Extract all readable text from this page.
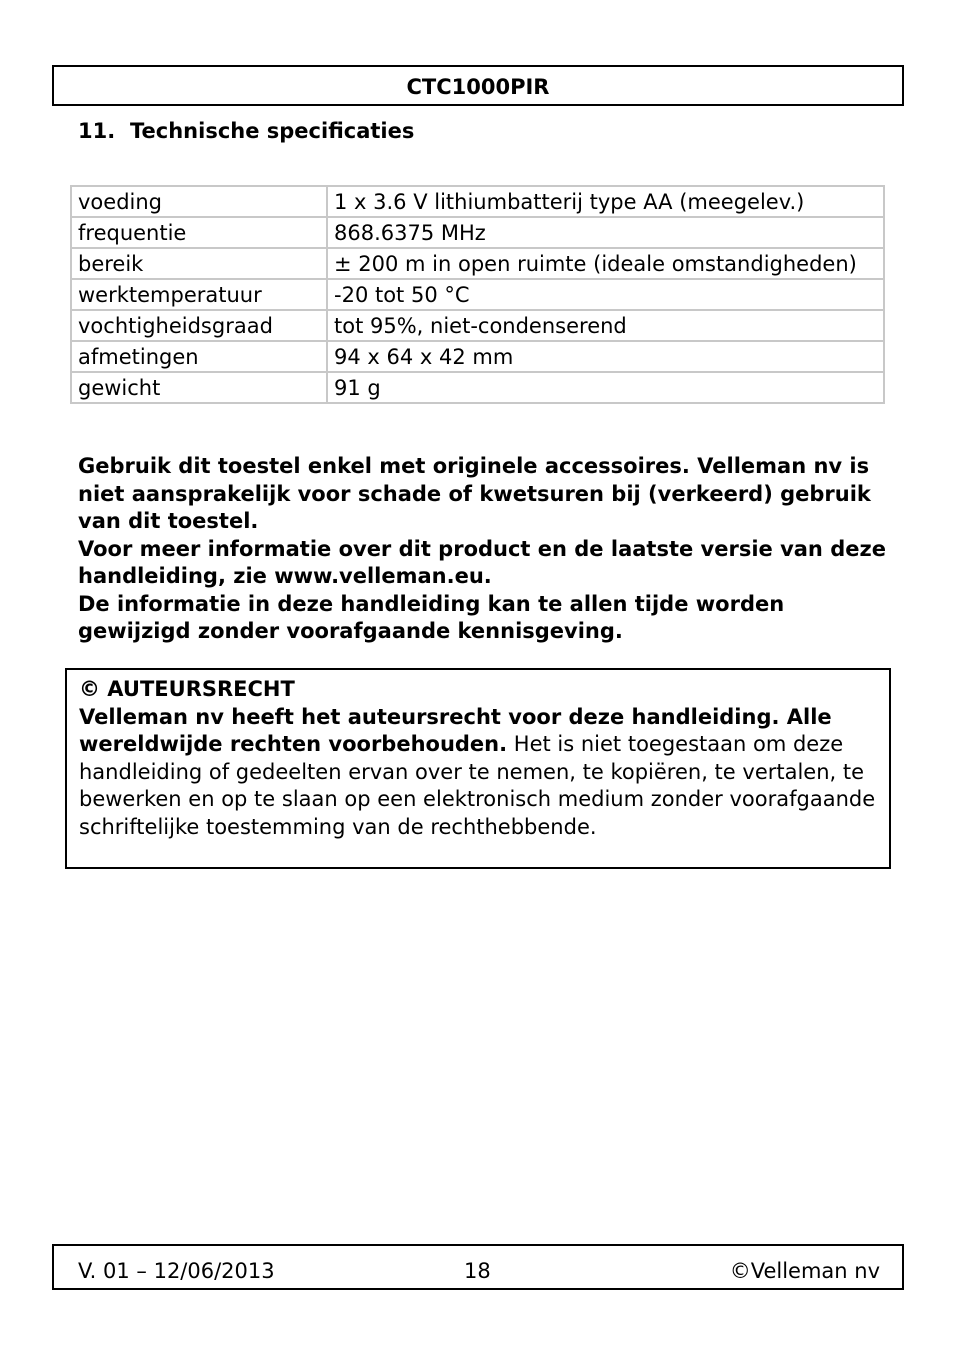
CTC1000PIR
11. Technische specificaties
voeding	1 x 3.6 V lithiumbatterij type AA (meegelev.)
frequentie	868.6375 MHz
bereik	± 200 m in open ruimte (ideale omstandigheden)
werktemperatuur	-20 tot 50 °C
vochtigheidsgraad	tot 95%, niet-condenserend
afmetingen	94 x 64 x 42 mm
gewicht	91 g

Gebruik dit toestel enkel met originele accessoires. Velleman nv is niet aansprakelijk voor schade of kwetsuren bij (verkeerd) gebruik van dit toestel.

Voor meer informatie over dit product en de laatste versie van deze handleiding, zie www.velleman.eu.

De informatie in deze handleiding kan te allen tijde worden gewijzigd zonder voorafgaande kennisgeving.

© AUTEURSRECHT
Velleman nv heeft het auteursrecht voor deze handleiding. Alle wereldwijde rechten voorbehouden. Het is niet toegestaan om deze handleiding of gedeelten ervan over te nemen, te kopiëren, te vertalen, te bewerken en op te slaan op een elektronisch medium zonder voorafgaande schriftelijke toestemming van de rechthebbende.
V. 01 – 12/06/2013	18	©Velleman nv
